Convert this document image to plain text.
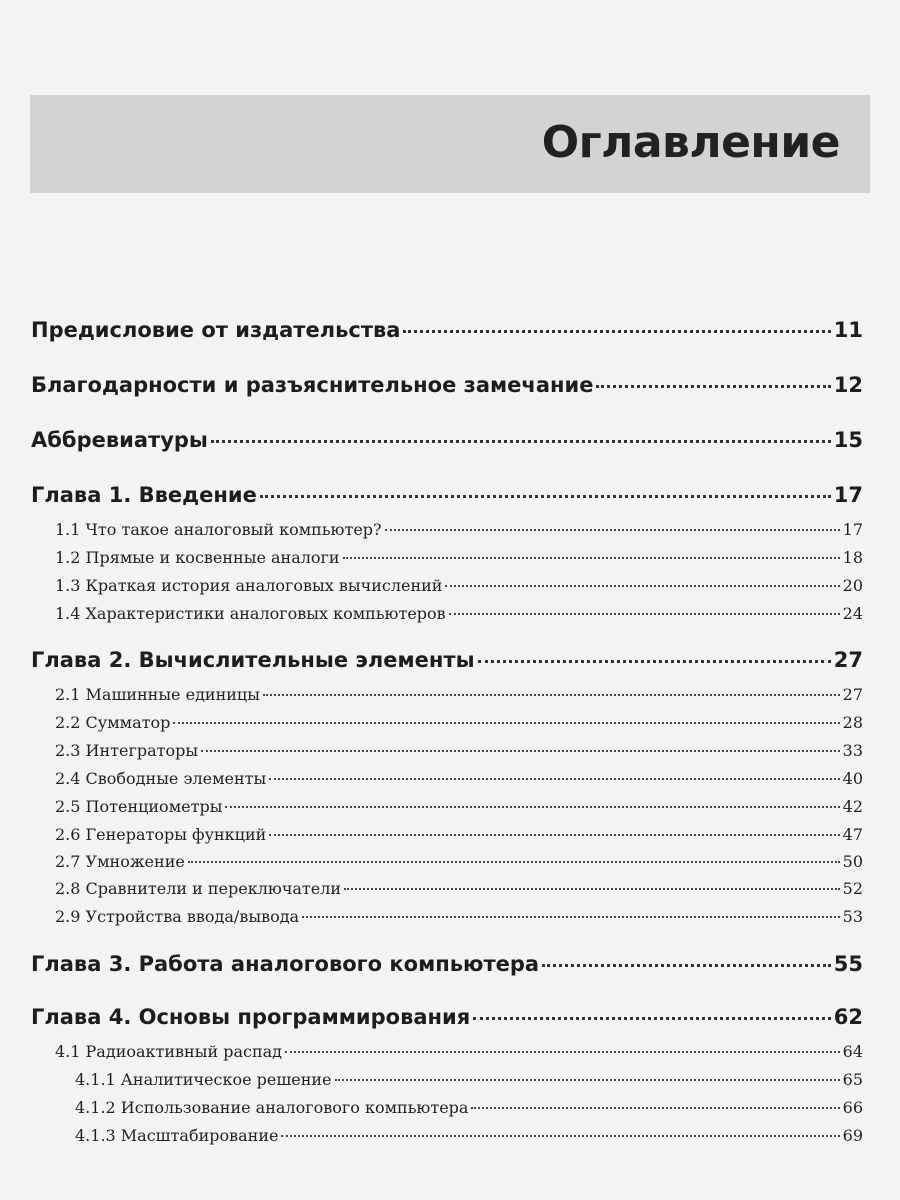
Оглавление
Предисловие от издательства	11
Благодарности и разъяснительное замечание	12
Аббревиатуры	15
Глава 1. Введение	17
1.1 Что такое аналоговый компьютер?	17
1.2 Прямые и косвенные аналоги	18
1.3 Краткая история аналоговых вычислений	20
1.4 Характеристики аналоговых компьютеров	24
Глава 2. Вычислительные элементы	27
2.1 Машинные единицы	27
2.2 Сумматор	28
2.3 Интеграторы	33
2.4 Свободные элементы	40
2.5 Потенциометры	42
2.6 Генераторы функций	47
2.7 Умножение	50
2.8 Сравнители и переключатели	52
2.9 Устройства ввода/вывода	53
Глава 3. Работа аналогового компьютера	55
Глава 4. Основы программирования	62
4.1 Радиоактивный распад	64
4.1.1 Аналитическое решение	65
4.1.2 Использование аналогового компьютера	66
4.1.3 Масштабирование	69
